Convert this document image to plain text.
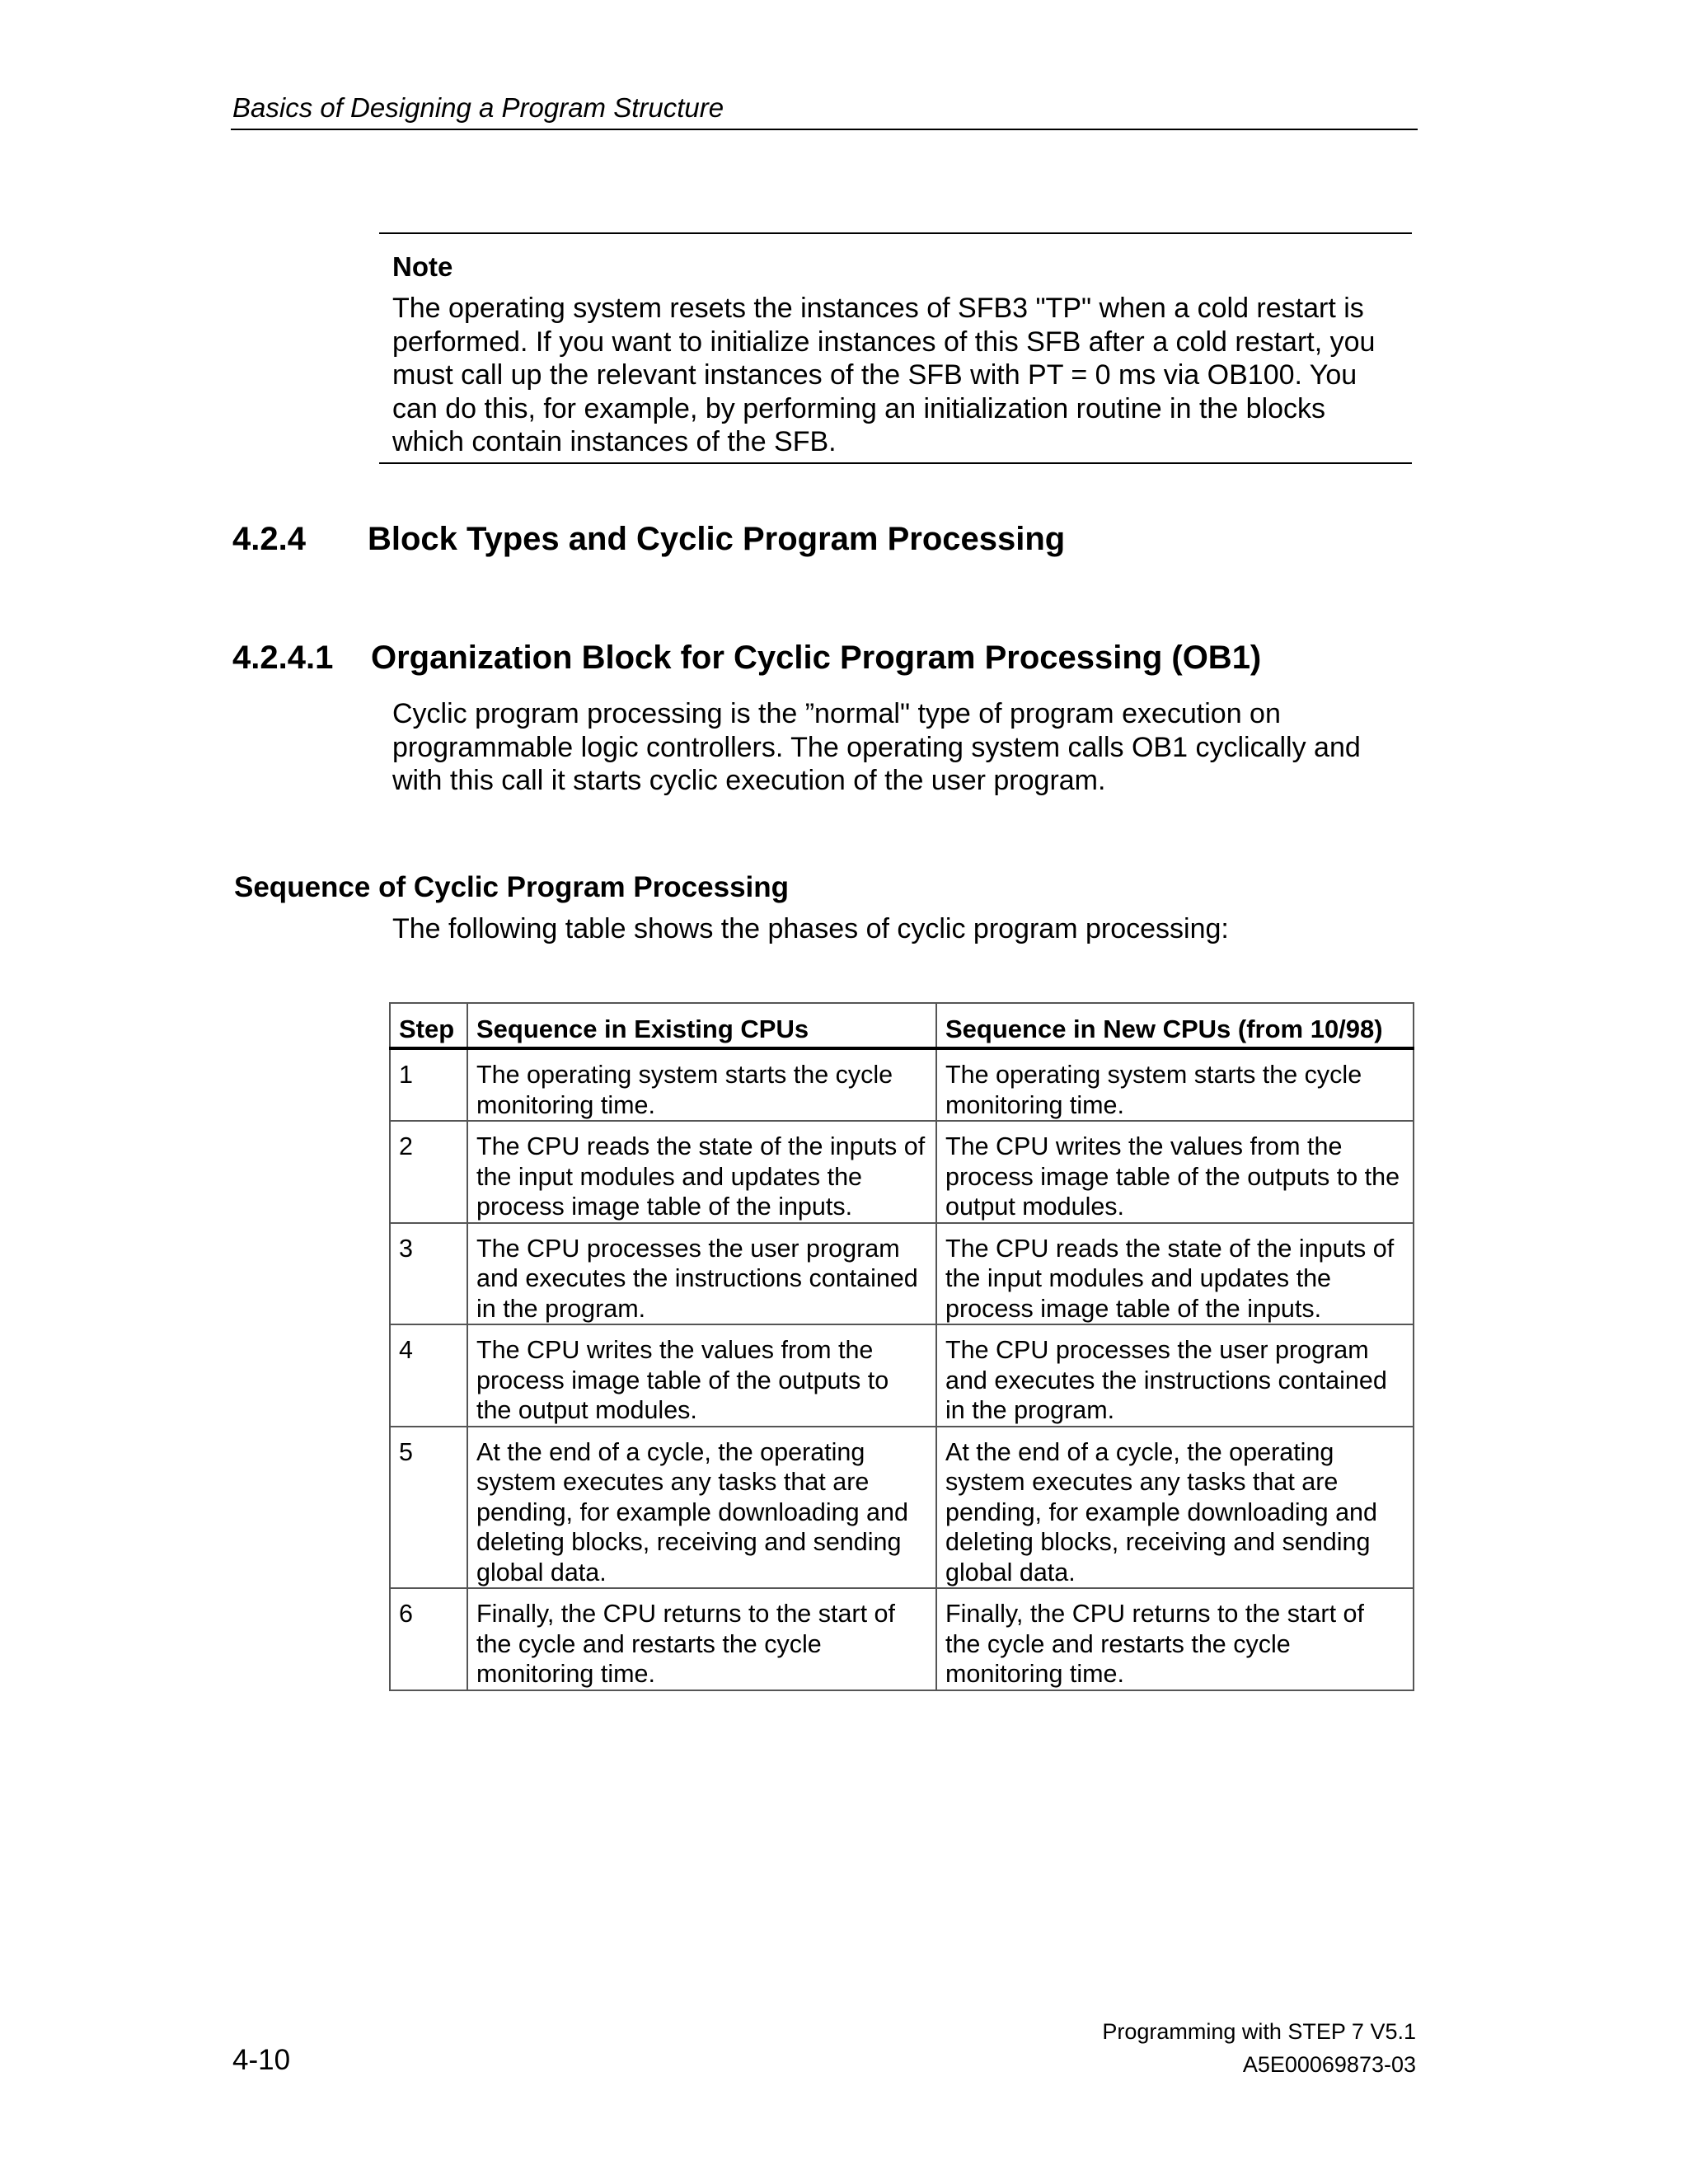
Basics of Designing a Program Structure
Note
The operating system resets the instances of SFB3 "TP" when a cold restart is performed. If you want to initialize instances of this SFB after a cold restart, you must call up the relevant instances of the SFB with PT = 0 ms via OB100. You can do this, for example, by performing an initialization routine in the blocks which contain instances of the SFB.
4.2.4 Block Types and Cyclic Program Processing
4.2.4.1 Organization Block for Cyclic Program Processing (OB1)
Cyclic program processing is the ”normal" type of program execution on programmable logic controllers. The operating system calls OB1 cyclically and with this call it starts cyclic execution of the user program.
Sequence of Cyclic Program Processing
The following table shows the phases of cyclic program processing:
Step	Sequence in Existing CPUs	Sequence in New CPUs (from 10/98)
1	The operating system starts the cycle monitoring time.	The operating system starts the cycle monitoring time.
2	The CPU reads the state of the inputs of the input modules and updates the process image table of the inputs.	The CPU writes the values from the process image table of the outputs to the output modules.
3	The CPU processes the user program and executes the instructions contained in the program.	The CPU reads the state of the inputs of the input modules and updates the process image table of the inputs.
4	The CPU writes the values from the process image table of the outputs to the output modules.	The CPU processes the user program and executes the instructions contained in the program.
5	At the end of a cycle, the operating system executes any tasks that are pending, for example downloading and deleting blocks, receiving and sending global data.	At the end of a cycle, the operating system executes any tasks that are pending, for example downloading and deleting blocks, receiving and sending global data.
6	Finally, the CPU returns to the start of the cycle and restarts the cycle monitoring time.	Finally, the CPU returns to the start of the cycle and restarts the cycle monitoring time.
Programming with STEP 7 V5.1
4-10	A5E00069873-03
